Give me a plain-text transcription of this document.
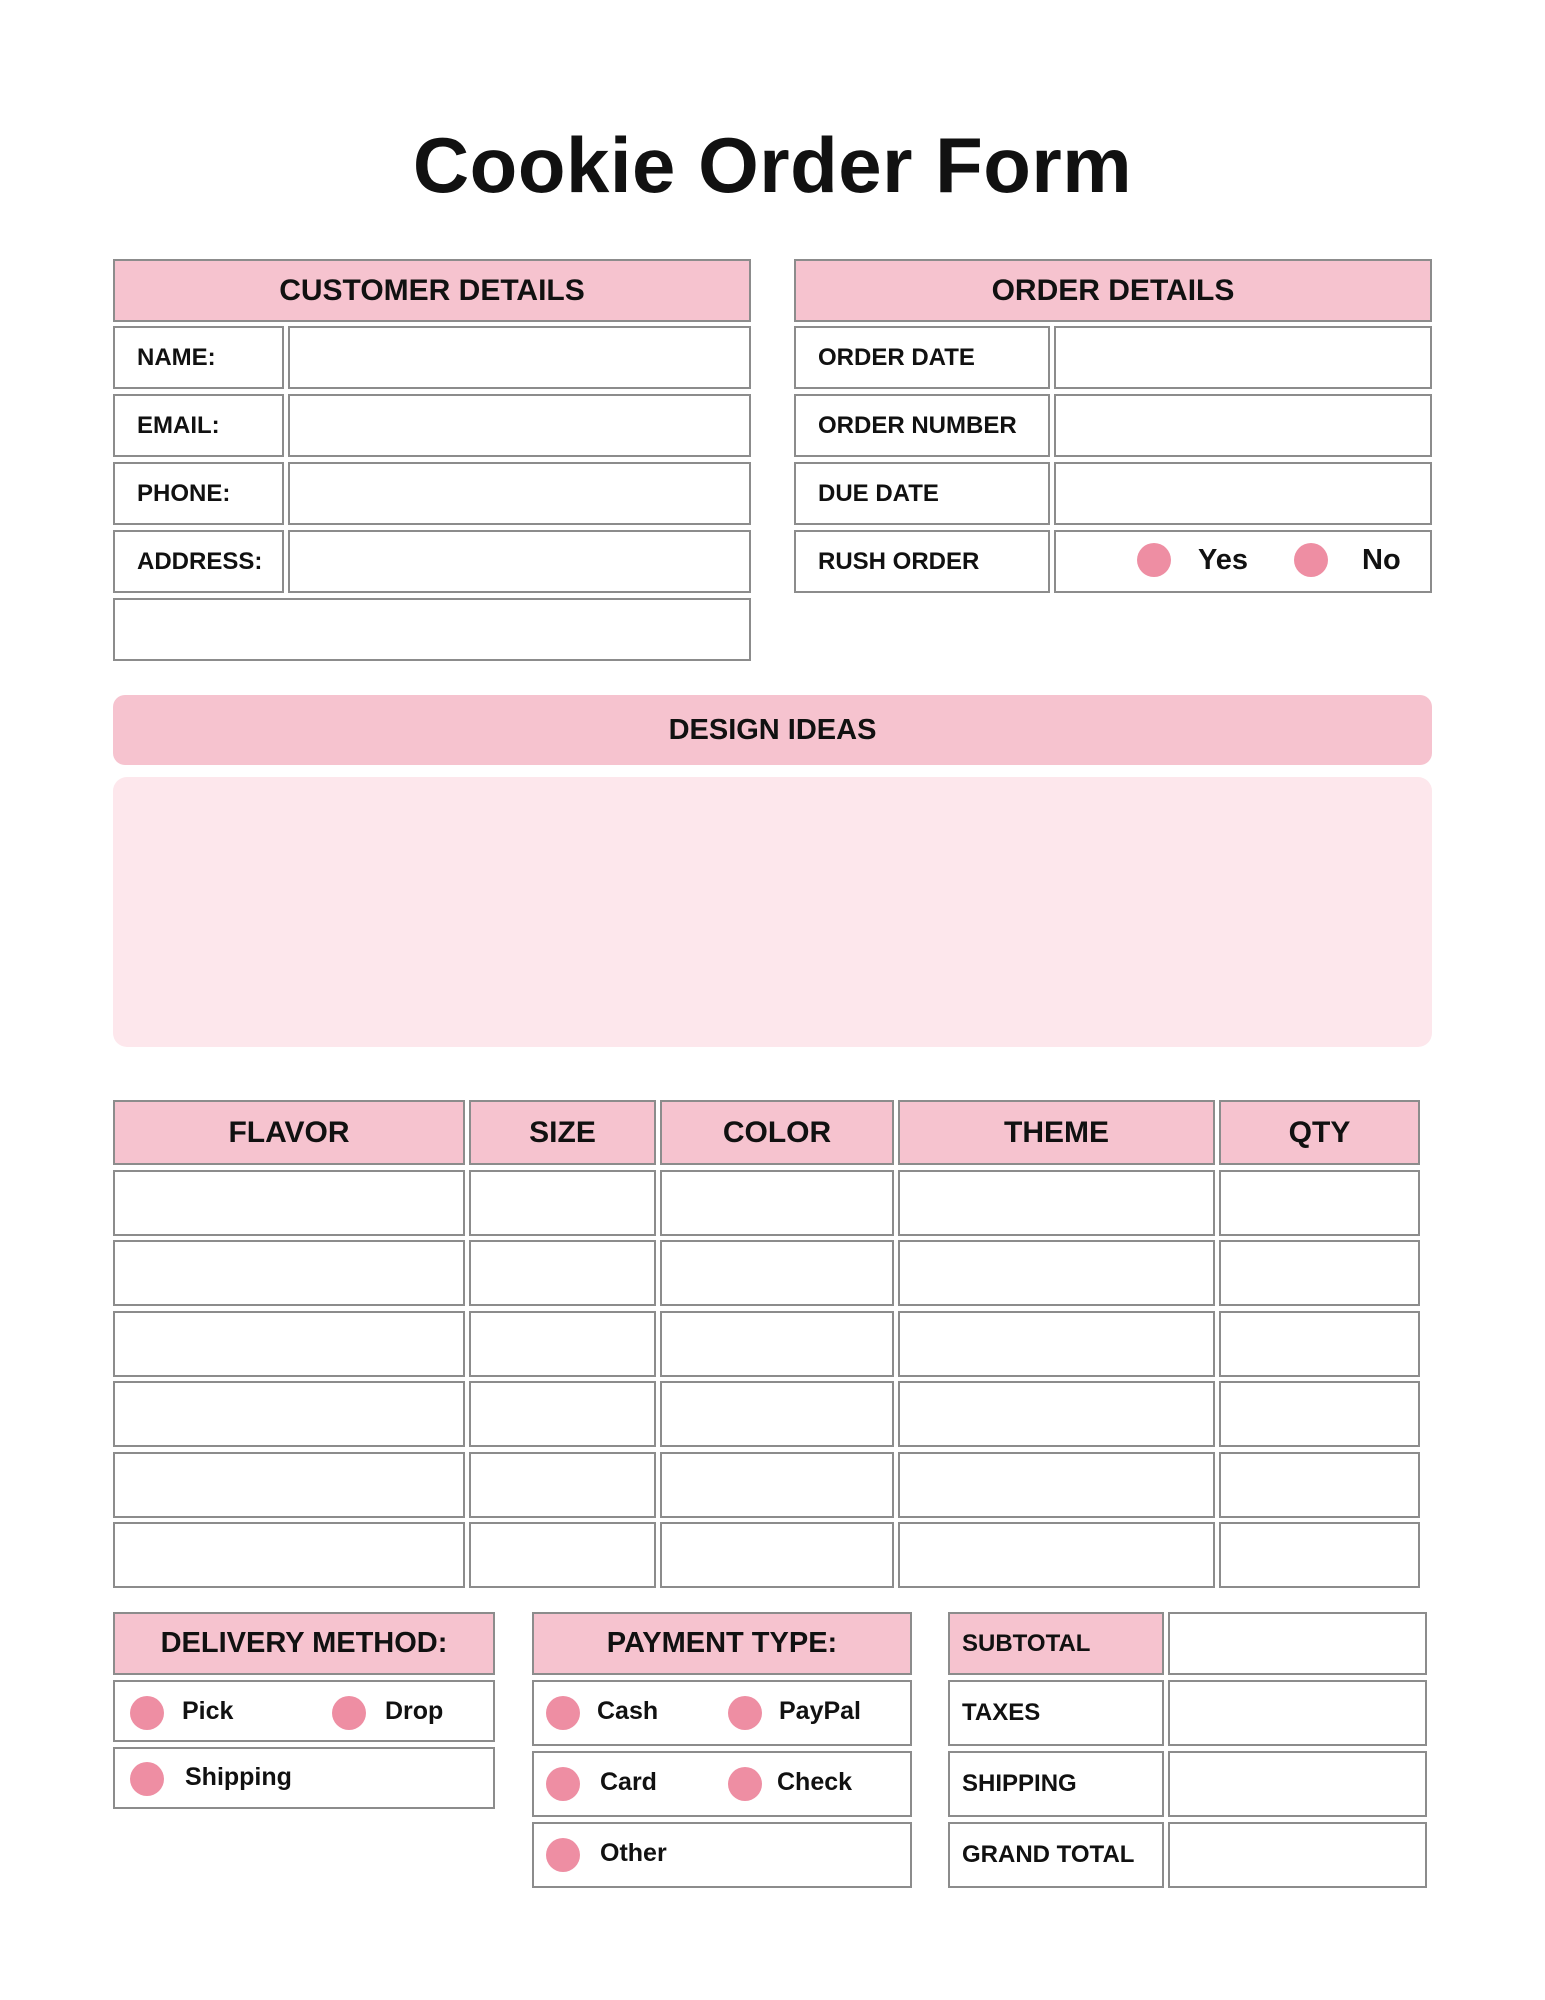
Cookie Order Form
CUSTOMER DETAILS
NAME:
EMAIL:
PHONE:
ADDRESS:
ORDER DETAILS
ORDER DATE
ORDER NUMBER
DUE DATE
RUSH ORDER	Yes	No
DESIGN IDEAS
FLAVOR	SIZE	COLOR	THEME	QTY
DELIVERY METHOD:
Pick	Drop
Shipping
PAYMENT TYPE:
Cash	PayPal
Card	Check
Other
SUBTOTAL
TAXES
SHIPPING
GRAND TOTAL
